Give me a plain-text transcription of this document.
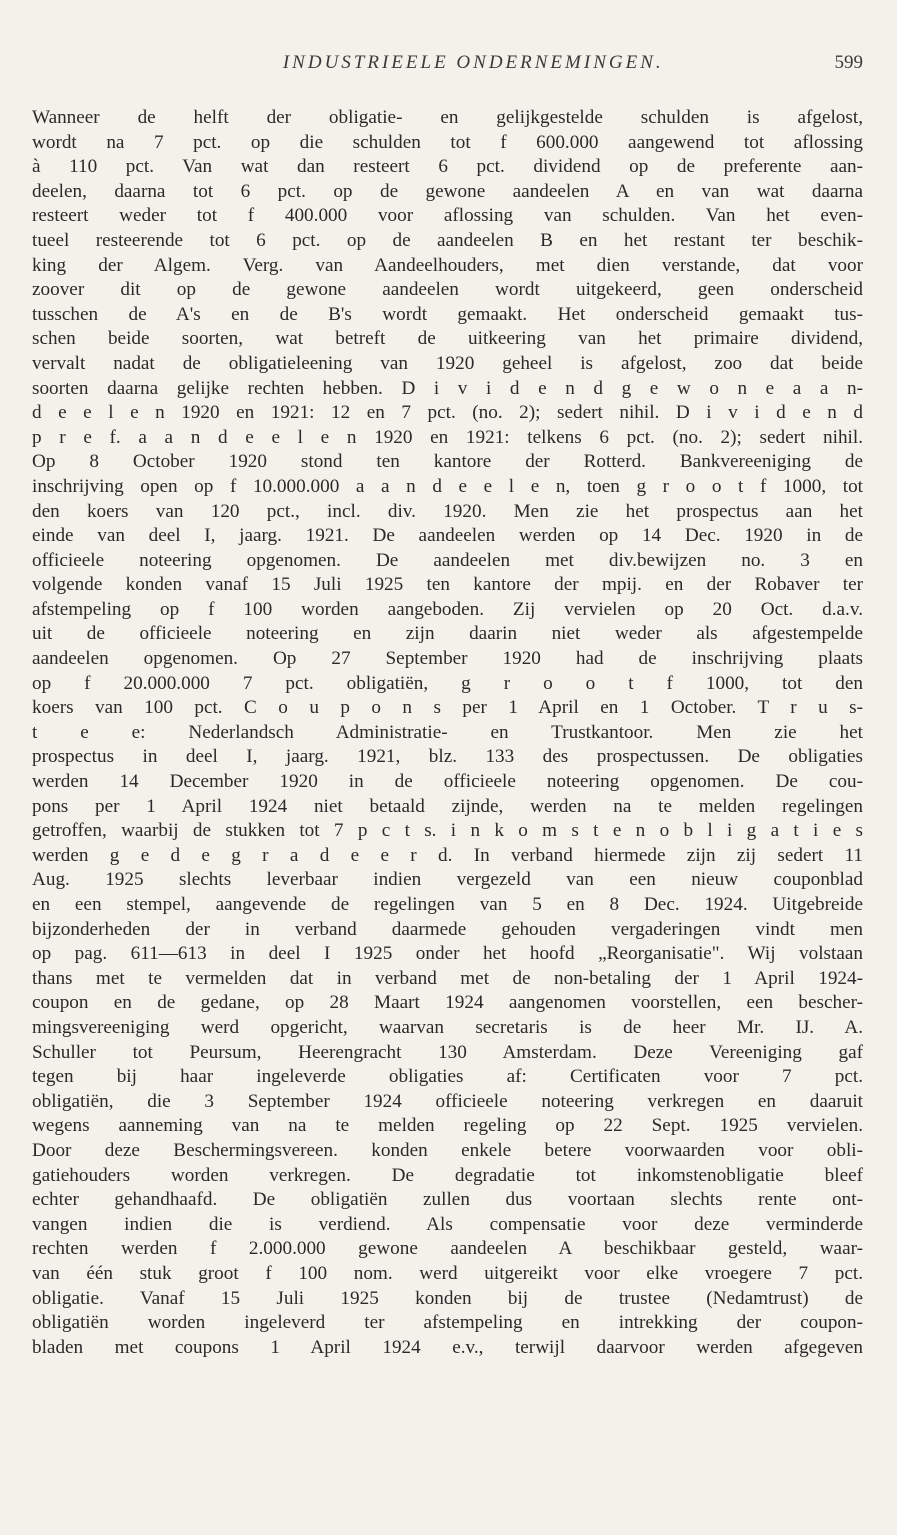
INDUSTRIEELE ONDERNEMINGEN.	599
Wanneer de helft der obligatie- en gelijkgestelde schulden is afgelost,
wordt na 7 pct. op die schulden tot f 600.000 aangewend tot aflossing
à 110 pct. Van wat dan resteert 6 pct. dividend op de preferente aan-
deelen, daarna tot 6 pct. op de gewone aandeelen A en van wat daarna
resteert weder tot f 400.000 voor aflossing van schulden. Van het even-
tueel resteerende tot 6 pct. op de aandeelen B en het restant ter beschik-
king der Algem. Verg. van Aandeelhouders, met dien verstande, dat voor
zoover dit op de gewone aandeelen wordt uitgekeerd, geen onderscheid
tusschen de A's en de B's wordt gemaakt. Het onderscheid gemaakt tus-
schen beide soorten, wat betreft de uitkeering van het primaire dividend,
vervalt nadat de obligatieleening van 1920 geheel is afgelost, zoo dat beide
soorten daarna gelijke rechten hebben. D i v i d e n d g e w o n e a a n-
d e e l e n 1920 en 1921: 12 en 7 pct. (no. 2); sedert nihil. D i v i d e n d
p r e f. a a n d e e l e n 1920 en 1921: telkens 6 pct. (no. 2); sedert nihil.
Op 8 October 1920 stond ten kantore der Rotterd. Bankvereeniging de
inschrijving open op f 10.000.000 a a n d e e l e n, toen g r o o t f 1000, tot
den koers van 120 pct., incl. div. 1920. Men zie het prospectus aan het
einde van deel I, jaarg. 1921. De aandeelen werden op 14 Dec. 1920 in de
officieele noteering opgenomen. De aandeelen met div.bewijzen no. 3 en
volgende konden vanaf 15 Juli 1925 ten kantore der mpij. en der Robaver ter
afstempeling op f 100 worden aangeboden. Zij vervielen op 20 Oct. d.a.v.
uit de officieele noteering en zijn daarin niet weder als afgestempelde
aandeelen opgenomen. Op 27 September 1920 had de inschrijving plaats
op f 20.000.000 7 pct. obligatiën, g r o o t f 1000, tot den
koers van 100 pct. C o u p o n s per 1 April en 1 October. T r u s-
t e e: Nederlandsch Administratie- en Trustkantoor. Men zie het
prospectus in deel I, jaarg. 1921, blz. 133 des prospectussen. De obligaties
werden 14 December 1920 in de officieele noteering opgenomen. De cou-
pons per 1 April 1924 niet betaald zijnde, werden na te melden regelingen
getroffen, waarbij de stukken tot 7 p c t s. i n k o m s t e n o b l i g a t i e s
werden g e d e g r a d e e r d. In verband hiermede zijn zij sedert 11
Aug. 1925 slechts leverbaar indien vergezeld van een nieuw couponblad
en een stempel, aangevende de regelingen van 5 en 8 Dec. 1924. Uitgebreide
bijzonderheden der in verband daarmede gehouden vergaderingen vindt men
op pag. 611—613 in deel I 1925 onder het hoofd „Reorganisatie". Wij volstaan
thans met te vermelden dat in verband met de non-betaling der 1 April 1924-
coupon en de gedane, op 28 Maart 1924 aangenomen voorstellen, een bescher-
mingsvereeniging werd opgericht, waarvan secretaris is de heer Mr. IJ. A.
Schuller tot Peursum, Heerengracht 130 Amsterdam. Deze Vereeniging gaf
tegen bij haar ingeleverde obligaties af: Certificaten voor 7 pct.
obligatiën, die 3 September 1924 officieele noteering verkregen en daaruit
wegens aanneming van na te melden regeling op 22 Sept. 1925 vervielen.
Door deze Beschermingsvereen. konden enkele betere voorwaarden voor obli-
gatiehouders worden verkregen. De degradatie tot inkomstenobligatie bleef
echter gehandhaafd. De obligatiën zullen dus voortaan slechts rente ont-
vangen indien die is verdiend. Als compensatie voor deze verminderde
rechten werden f 2.000.000 gewone aandeelen A beschikbaar gesteld, waar-
van één stuk groot f 100 nom. werd uitgereikt voor elke vroegere 7 pct.
obligatie. Vanaf 15 Juli 1925 konden bij de trustee (Nedamtrust) de
obligatiën worden ingeleverd ter afstempeling en intrekking der coupon-
bladen met coupons 1 April 1924 e.v., terwijl daarvoor werden afgegeven
